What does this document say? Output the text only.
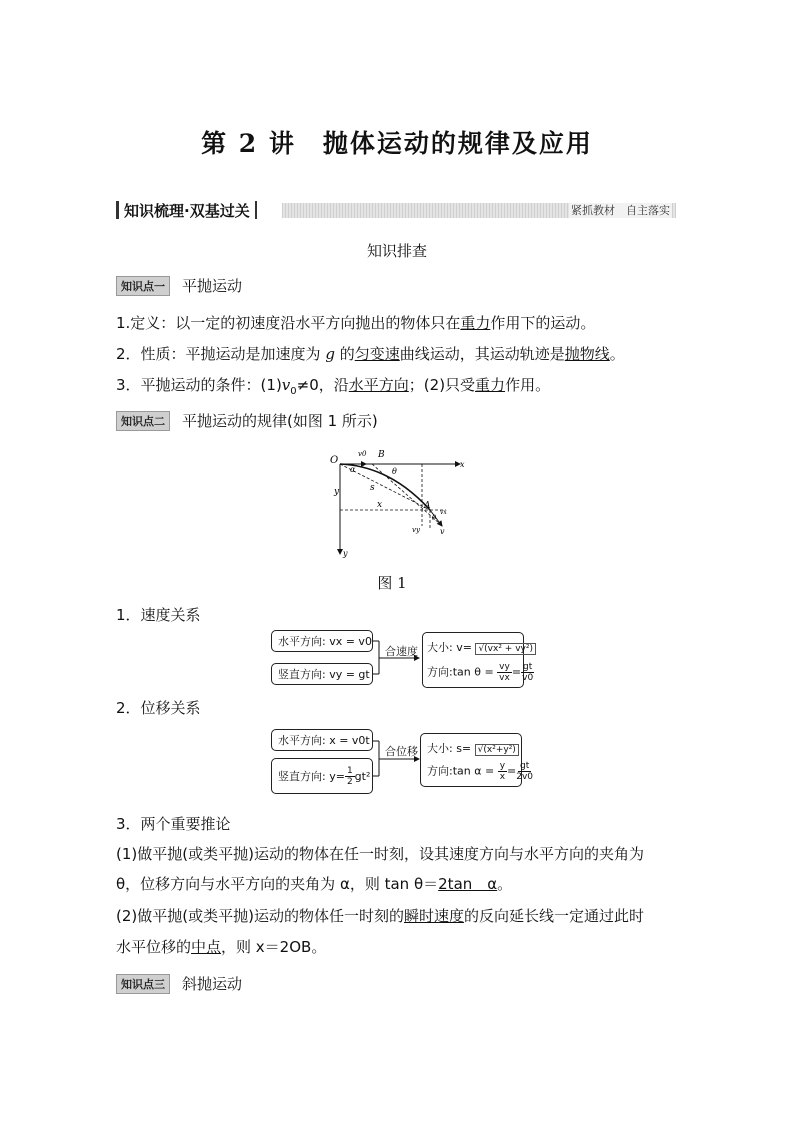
第 2 讲　抛体运动的规律及应用
知识梳理·双基过关	紧抓教材　自主落实
知识排查
知识点一	平抛运动
1.定义：以一定的初速度沿水平方向抛出的物体只在重力作用下的运动。
2．性质：平抛运动是加速度为 g 的匀变速曲线运动，其运动轨迹是抛物线。
3．平抛运动的条件：$(1)v_0\ne 0$，沿水平方向；(2)只受重力作用。
知识点二	平抛运动的规律(如图 1 所示)
O	B
x
y
y
s
x
v0
A
vx
vy	v
θ
θ
α
图 1
1．速度关系
水平方向: vx = v0
竖直方向: vy = gt
合速度 大小: v= √(vx² + vy²)
方向:tan $\theta = \frac{vy}{vx} = \frac{gt}{v0}$
2．位移关系
水平方向: x = v0t
竖直方向: $y= \frac{1}{2} gt^2$
合位移 大小: s= √(x²+y²)
方向:tan $\alpha = \frac{y}{x} = \frac{gt}{2v0}$
3．两个重要推论
(1)做平抛(或类平抛)运动的物体在任一时刻，设其速度方向与水平方向的夹角为
θ，位移方向与水平方向的夹角为 α，则 tan θ＝2tan　α。
(2)做平抛(或类平抛)运动的物体任一时刻的瞬时速度的反向延长线一定通过此时
水平位移的中点，则 x＝2OB。
知识点三	斜抛运动
